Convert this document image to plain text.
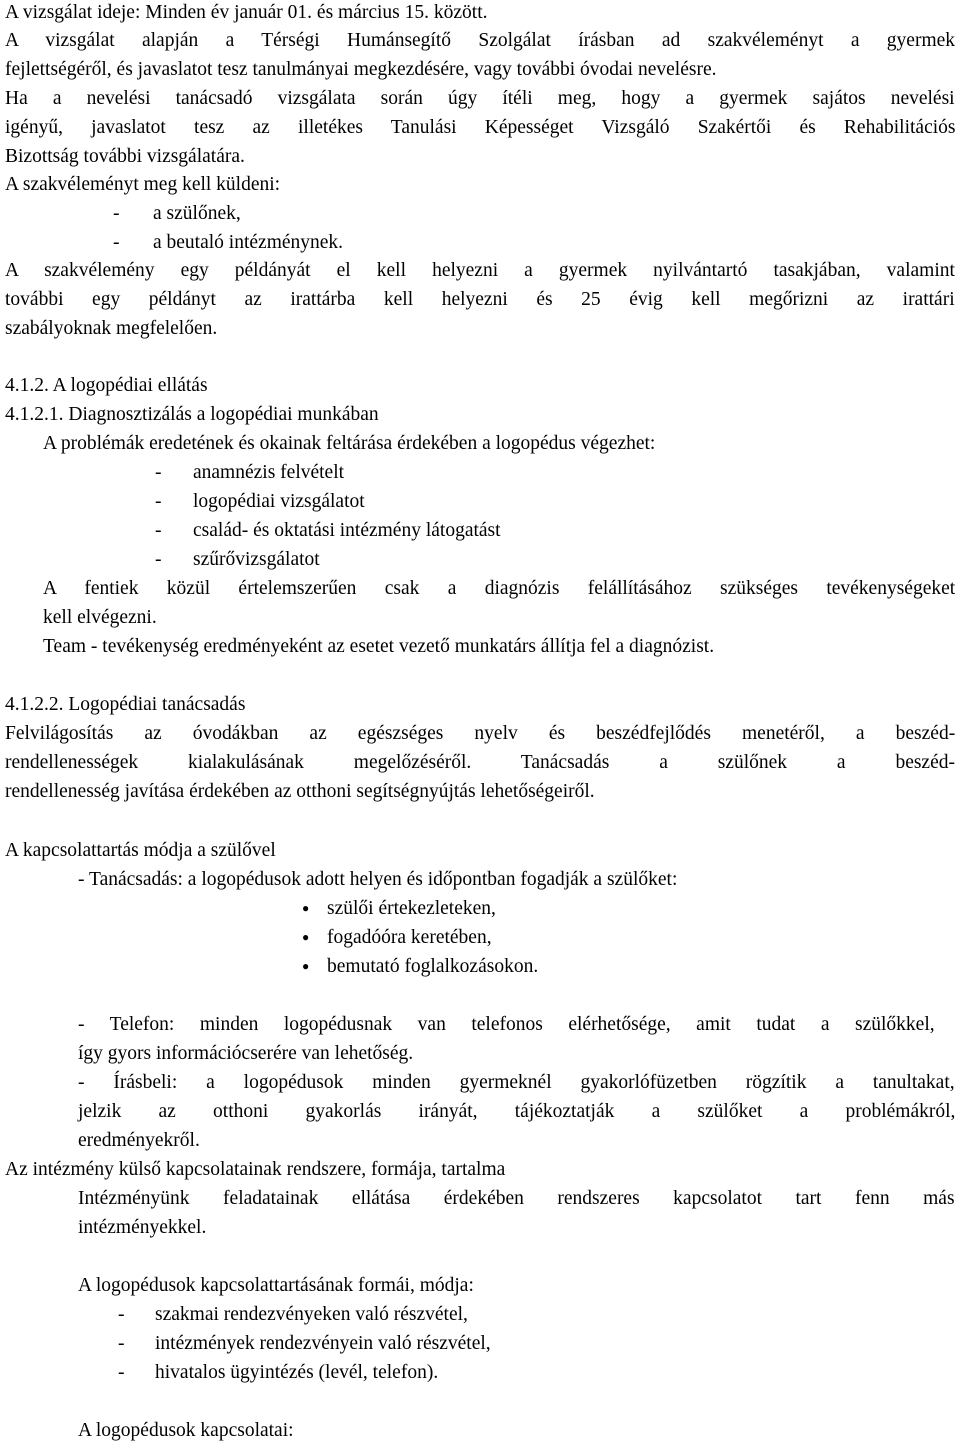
A vizsgálat ideje: Minden év január 01. és március 15. között.
A vizsgálat alapján a Térségi Humánsegítő Szolgálat írásban ad szakvéleményt a gyermek
fejlettségéről, és javaslatot tesz tanulmányai megkezdésére, vagy további óvodai nevelésre.
Ha a nevelési tanácsadó vizsgálata során úgy ítéli meg, hogy a gyermek sajátos nevelési
igényű, javaslatot tesz az illetékes Tanulási Képességet Vizsgáló Szakértői és Rehabilitációs
Bizottság további vizsgálatára.
A szakvéleményt meg kell küldeni:
A szakvélemény egy példányát el kell helyezni a gyermek nyilvántartó tasakjában, valamint
további egy példányt az irattárba kell helyezni és 25 évig kell megőrizni az irattári
szabályoknak megfelelően.
4.1.2. A logopédiai ellátás
4.1.2.1. Diagnosztizálás a logopédiai munkában
A problémák eredetének és okainak feltárása érdekében a logopédus végezhet:
A fentiek közül értelemszerűen csak a diagnózis felállításához szükséges tevékenységeket
kell elvégezni.
Team - tevékenység eredményeként az esetet vezető munkatárs állítja fel a diagnózist.
4.1.2.2. Logopédiai tanácsadás
Felvilágosítás az óvodákban az egészséges nyelv és beszédfejlődés menetéről, a beszéd-
rendellenességek kialakulásának megelőzéséről. Tanácsadás a szülőnek a beszéd-
rendellenesség javítása érdekében az otthoni segítségnyújtás lehetőségeiről.
A kapcsolattartás módja a szülővel
- Tanácsadás: a logopédusok adott helyen és időpontban fogadják a szülőket:
- Telefon: minden logopédusnak van telefonos elérhetősége, amit tudat a szülőkkel,
így gyors információcserére van lehetőség.
- Írásbeli: a logopédusok minden gyermeknél gyakorlófüzetben rögzítik a tanultakat,
jelzik az otthoni gyakorlás irányát, tájékoztatják a szülőket a problémákról,
eredményekről.
Az intézmény külső kapcsolatainak rendszere, formája, tartalma
Intézményünk feladatainak ellátása érdekében rendszeres kapcsolatot tart fenn más
intézményekkel.
A logopédusok kapcsolattartásának formái, módja:
A logopédusok kapcsolatai:
- a szülőnek,
- a beutaló intézménynek.
- anamnézis felvételt
- logopédiai vizsgálatot
- család- és oktatási intézmény látogatást
- szűrővizsgálatot
- szakmai rendezvényeken való részvétel,
- intézmények rendezvényein való részvétel,
- hivatalos ügyintézés (levél, telefon).
● szülői értekezleteken,
● fogadóóra keretében,
● bemutató foglalkozásokon.
